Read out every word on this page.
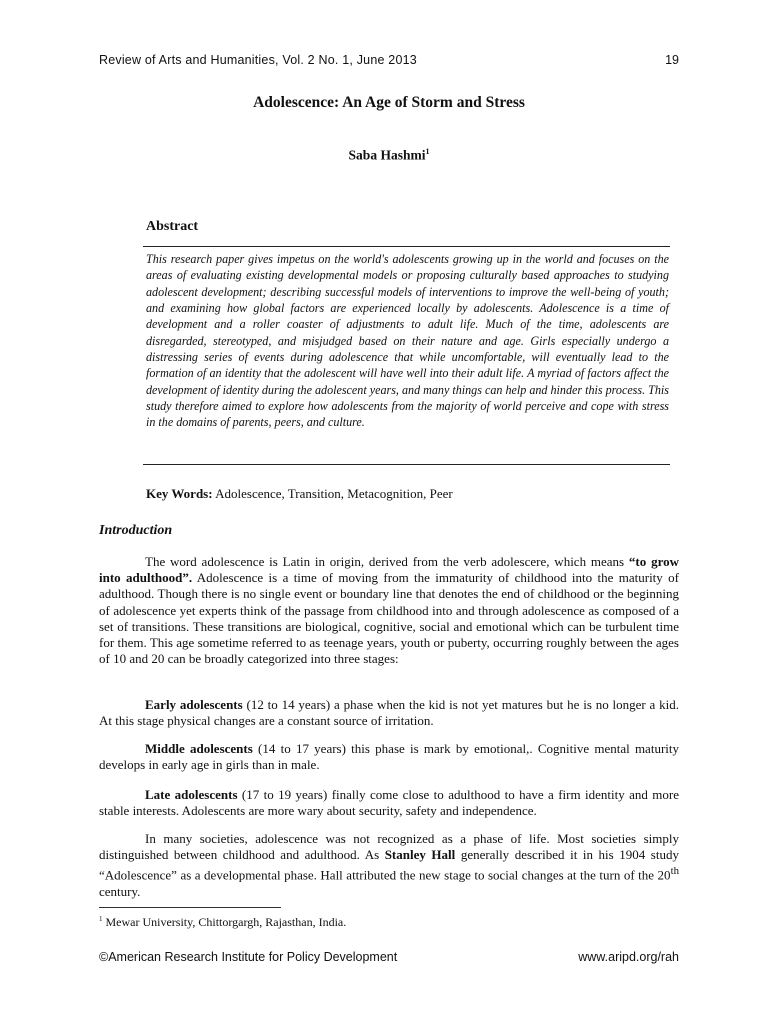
Review of Arts and Humanities, Vol. 2 No. 1, June 2013	19
Adolescence: An Age of Storm and Stress
Saba Hashmi$^1$
Abstract

This research paper gives impetus on the world's adolescents growing up in the world and focuses on the areas of evaluating existing developmental models or proposing culturally based approaches to studying adolescent development; describing successful models of interventions to improve the well-being of youth; and examining how global factors are experienced locally by adolescents. Adolescence is a time of development and a roller coaster of adjustments to adult life. Much of the time, adolescents are disregarded, stereotyped, and misjudged based on their nature and age. Girls especially undergo a distressing series of events during adolescence that while uncomfortable, will eventually lead to the formation of an identity that the adolescent will have well into their adult life. A myriad of factors affect the development of identity during the adolescent years, and many things can help and hinder this process. This study therefore aimed to explore how adolescents from the majority of world perceive and cope with stress in the domains of parents, peers, and culture.

Key Words: Adolescence, Transition, Metacognition, Peer
Introduction

The word adolescence is Latin in origin, derived from the verb adolescere, which means “to grow into adulthood”. Adolescence is a time of moving from the immaturity of childhood into the maturity of adulthood. Though there is no single event or boundary line that denotes the end of childhood or the beginning of adolescence yet experts think of the passage from childhood into and through adolescence as composed of a set of transitions. These transitions are biological, cognitive, social and emotional which can be turbulent time for them. This age sometime referred to as teenage years, youth or puberty, occurring roughly between the ages of 10 and 20 can be broadly categorized into three stages:

Early adolescents (12 to 14 years) a phase when the kid is not yet matures but he is no longer a kid. At this stage physical changes are a constant source of irritation.

Middle adolescents (14 to 17 years) this phase is mark by emotional,. Cognitive mental maturity develops in early age in girls than in male.

Late adolescents (17 to 19 years) finally come close to adulthood to have a firm identity and more stable interests. Adolescents are more wary about security, safety and independence.

In many societies, adolescence was not recognized as a phase of life. Most societies simply distinguished between childhood and adulthood. As Stanley Hall generally described it in his 1904 study “Adolescence” as a developmental phase. Hall attributed the new stage to social changes at the turn of the 20th century.

$^1$ Mewar University, Chittorgargh, Rajasthan, India.
©American Research Institute for Policy Development	www.aripd.org/rah
